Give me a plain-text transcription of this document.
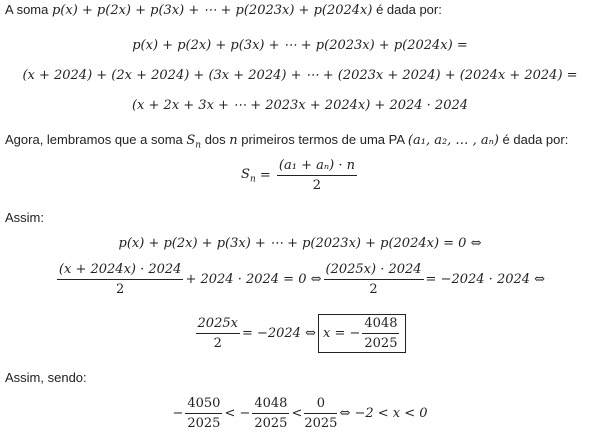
A soma p(x) + p(2x) + p(3x) + ⋯ + p(2023x) + p(2024x) é dada por:
p(x) + p(2x) + p(3x) + ⋯ + p(2023x) + p(2024x) =
(x + 2024) + (2x + 2024) + (3x + 2024) + ⋯ + (2023x + 2024) + (2024x + 2024) =
(x + 2x + 3x + ⋯ + 2023x + 2024x) + 2024 · 2024
Agora, lembramos que a soma $S_n$ dos n primeiros termos de uma PA (a₁, a₂, … , aₙ) é dada por:
$S_n = \frac{\text{(a₁ + aₙ) · n}}{2}$
Assim:
p(x) + p(2x) + p(3x) + ⋯ + p(2023x) + p(2024x) = 0 ⇔
$\frac{(x + 2024x) \cdot 2024}{2} + 2024 \cdot 2024 = 0$ ⇔ $\frac{(2025x) \cdot 2024}{2} = -2024 \cdot 2024$ ⇔
$\frac{2025x}{2} = -2024$ ⇔ x = − $\frac{4048}{2025}$
Assim, sendo:
− $\frac{4050}{2025}$ < − $\frac{4048}{2025} < \frac{0}{2025}$ ⇔ −2 < x < 0
